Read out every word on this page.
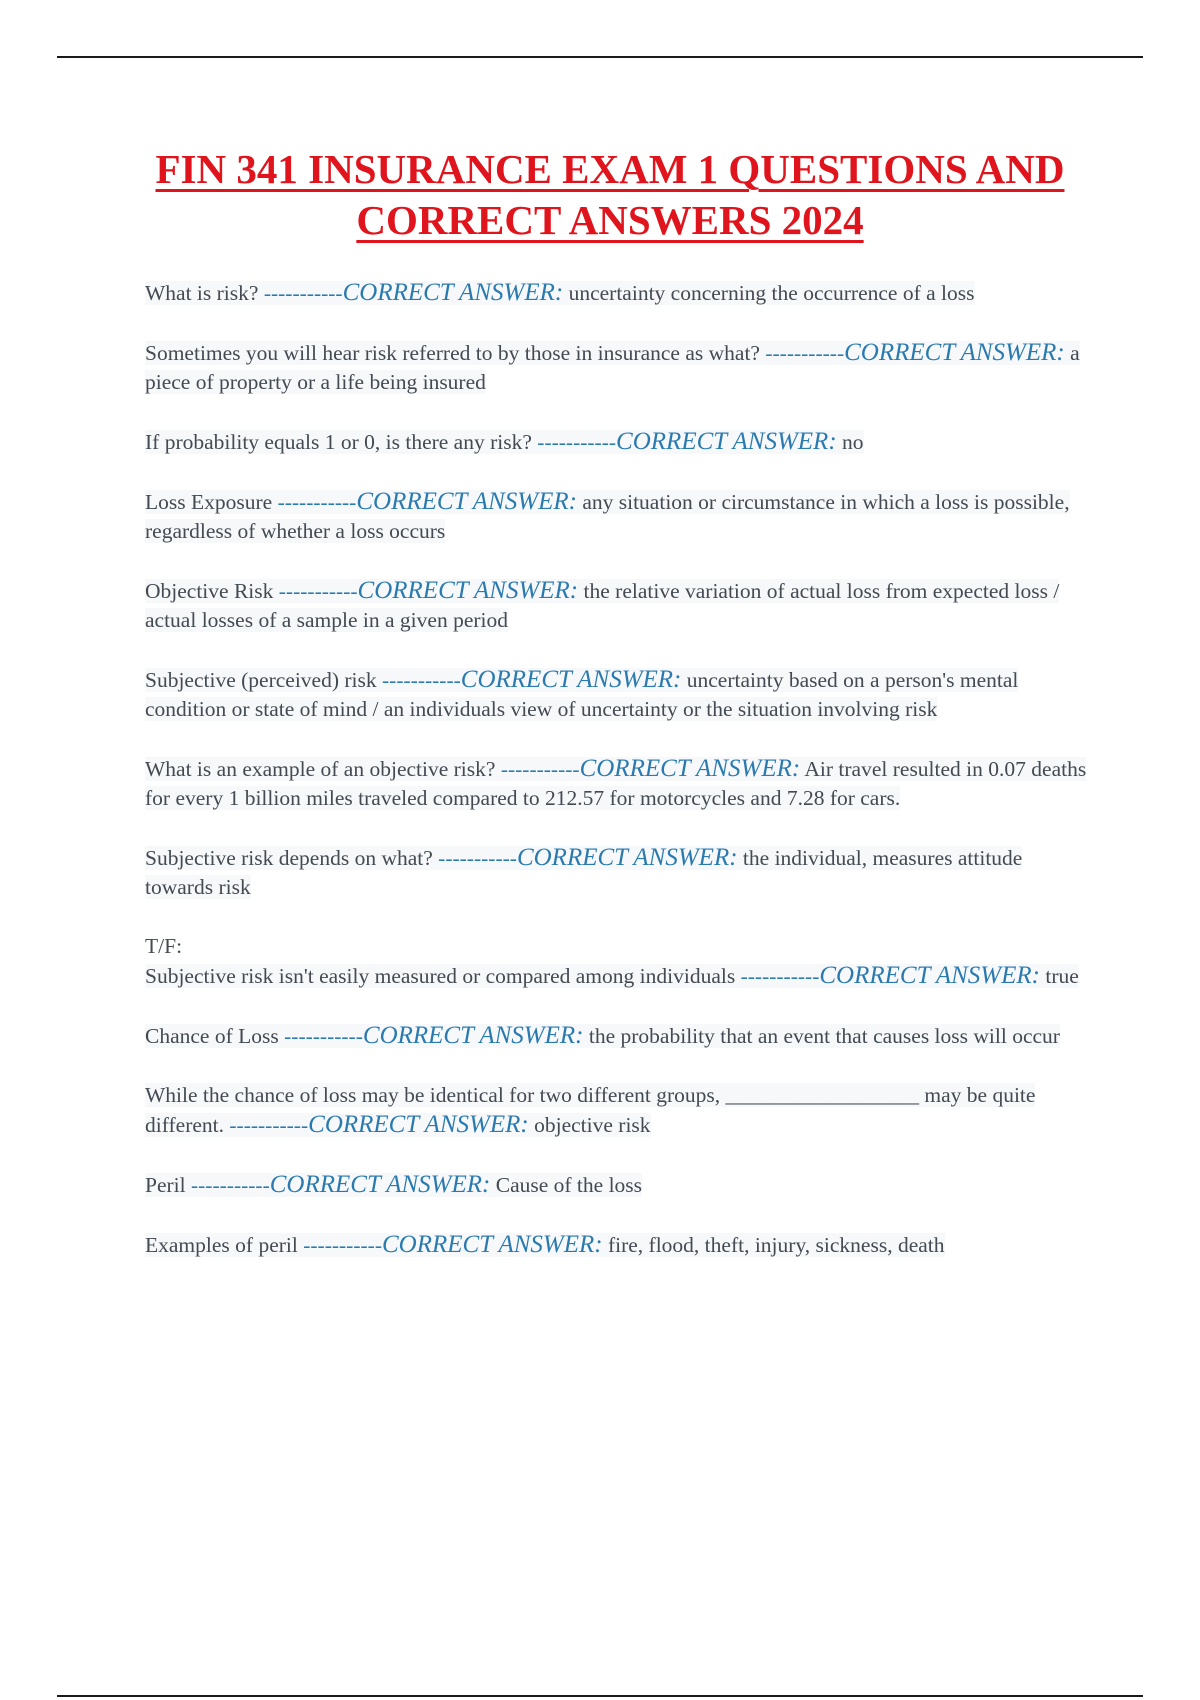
FIN 341 INSURANCE EXAM 1 QUESTIONS AND CORRECT ANSWERS 2024

What is risk? -----------CORRECT ANSWER: uncertainty concerning the occurrence of a loss

Sometimes you will hear risk referred to by those in insurance as what? -----------CORRECT ANSWER: a piece of property or a life being insured

If probability equals 1 or 0, is there any risk? -----------CORRECT ANSWER: no

Loss Exposure -----------CORRECT ANSWER: any situation or circumstance in which a loss is possible, regardless of whether a loss occurs

Objective Risk -----------CORRECT ANSWER: the relative variation of actual loss from expected loss / actual losses of a sample in a given period

Subjective (perceived) risk -----------CORRECT ANSWER: uncertainty based on a person's mental condition or state of mind / an individuals view of uncertainty or the situation involving risk

What is an example of an objective risk? -----------CORRECT ANSWER: Air travel resulted in 0.07 deaths for every 1 billion miles traveled compared to 212.57 for motorcycles and 7.28 for cars.

Subjective risk depends on what? -----------CORRECT ANSWER: the individual, measures attitude towards risk

T/F:
Subjective risk isn't easily measured or compared among individuals -----------CORRECT ANSWER: true

Chance of Loss -----------CORRECT ANSWER: the probability that an event that causes loss will occur

While the chance of loss may be identical for two different groups, __________________ may be quite different. -----------CORRECT ANSWER: objective risk

Peril -----------CORRECT ANSWER: Cause of the loss

Examples of peril -----------CORRECT ANSWER: fire, flood, theft, injury, sickness, death
